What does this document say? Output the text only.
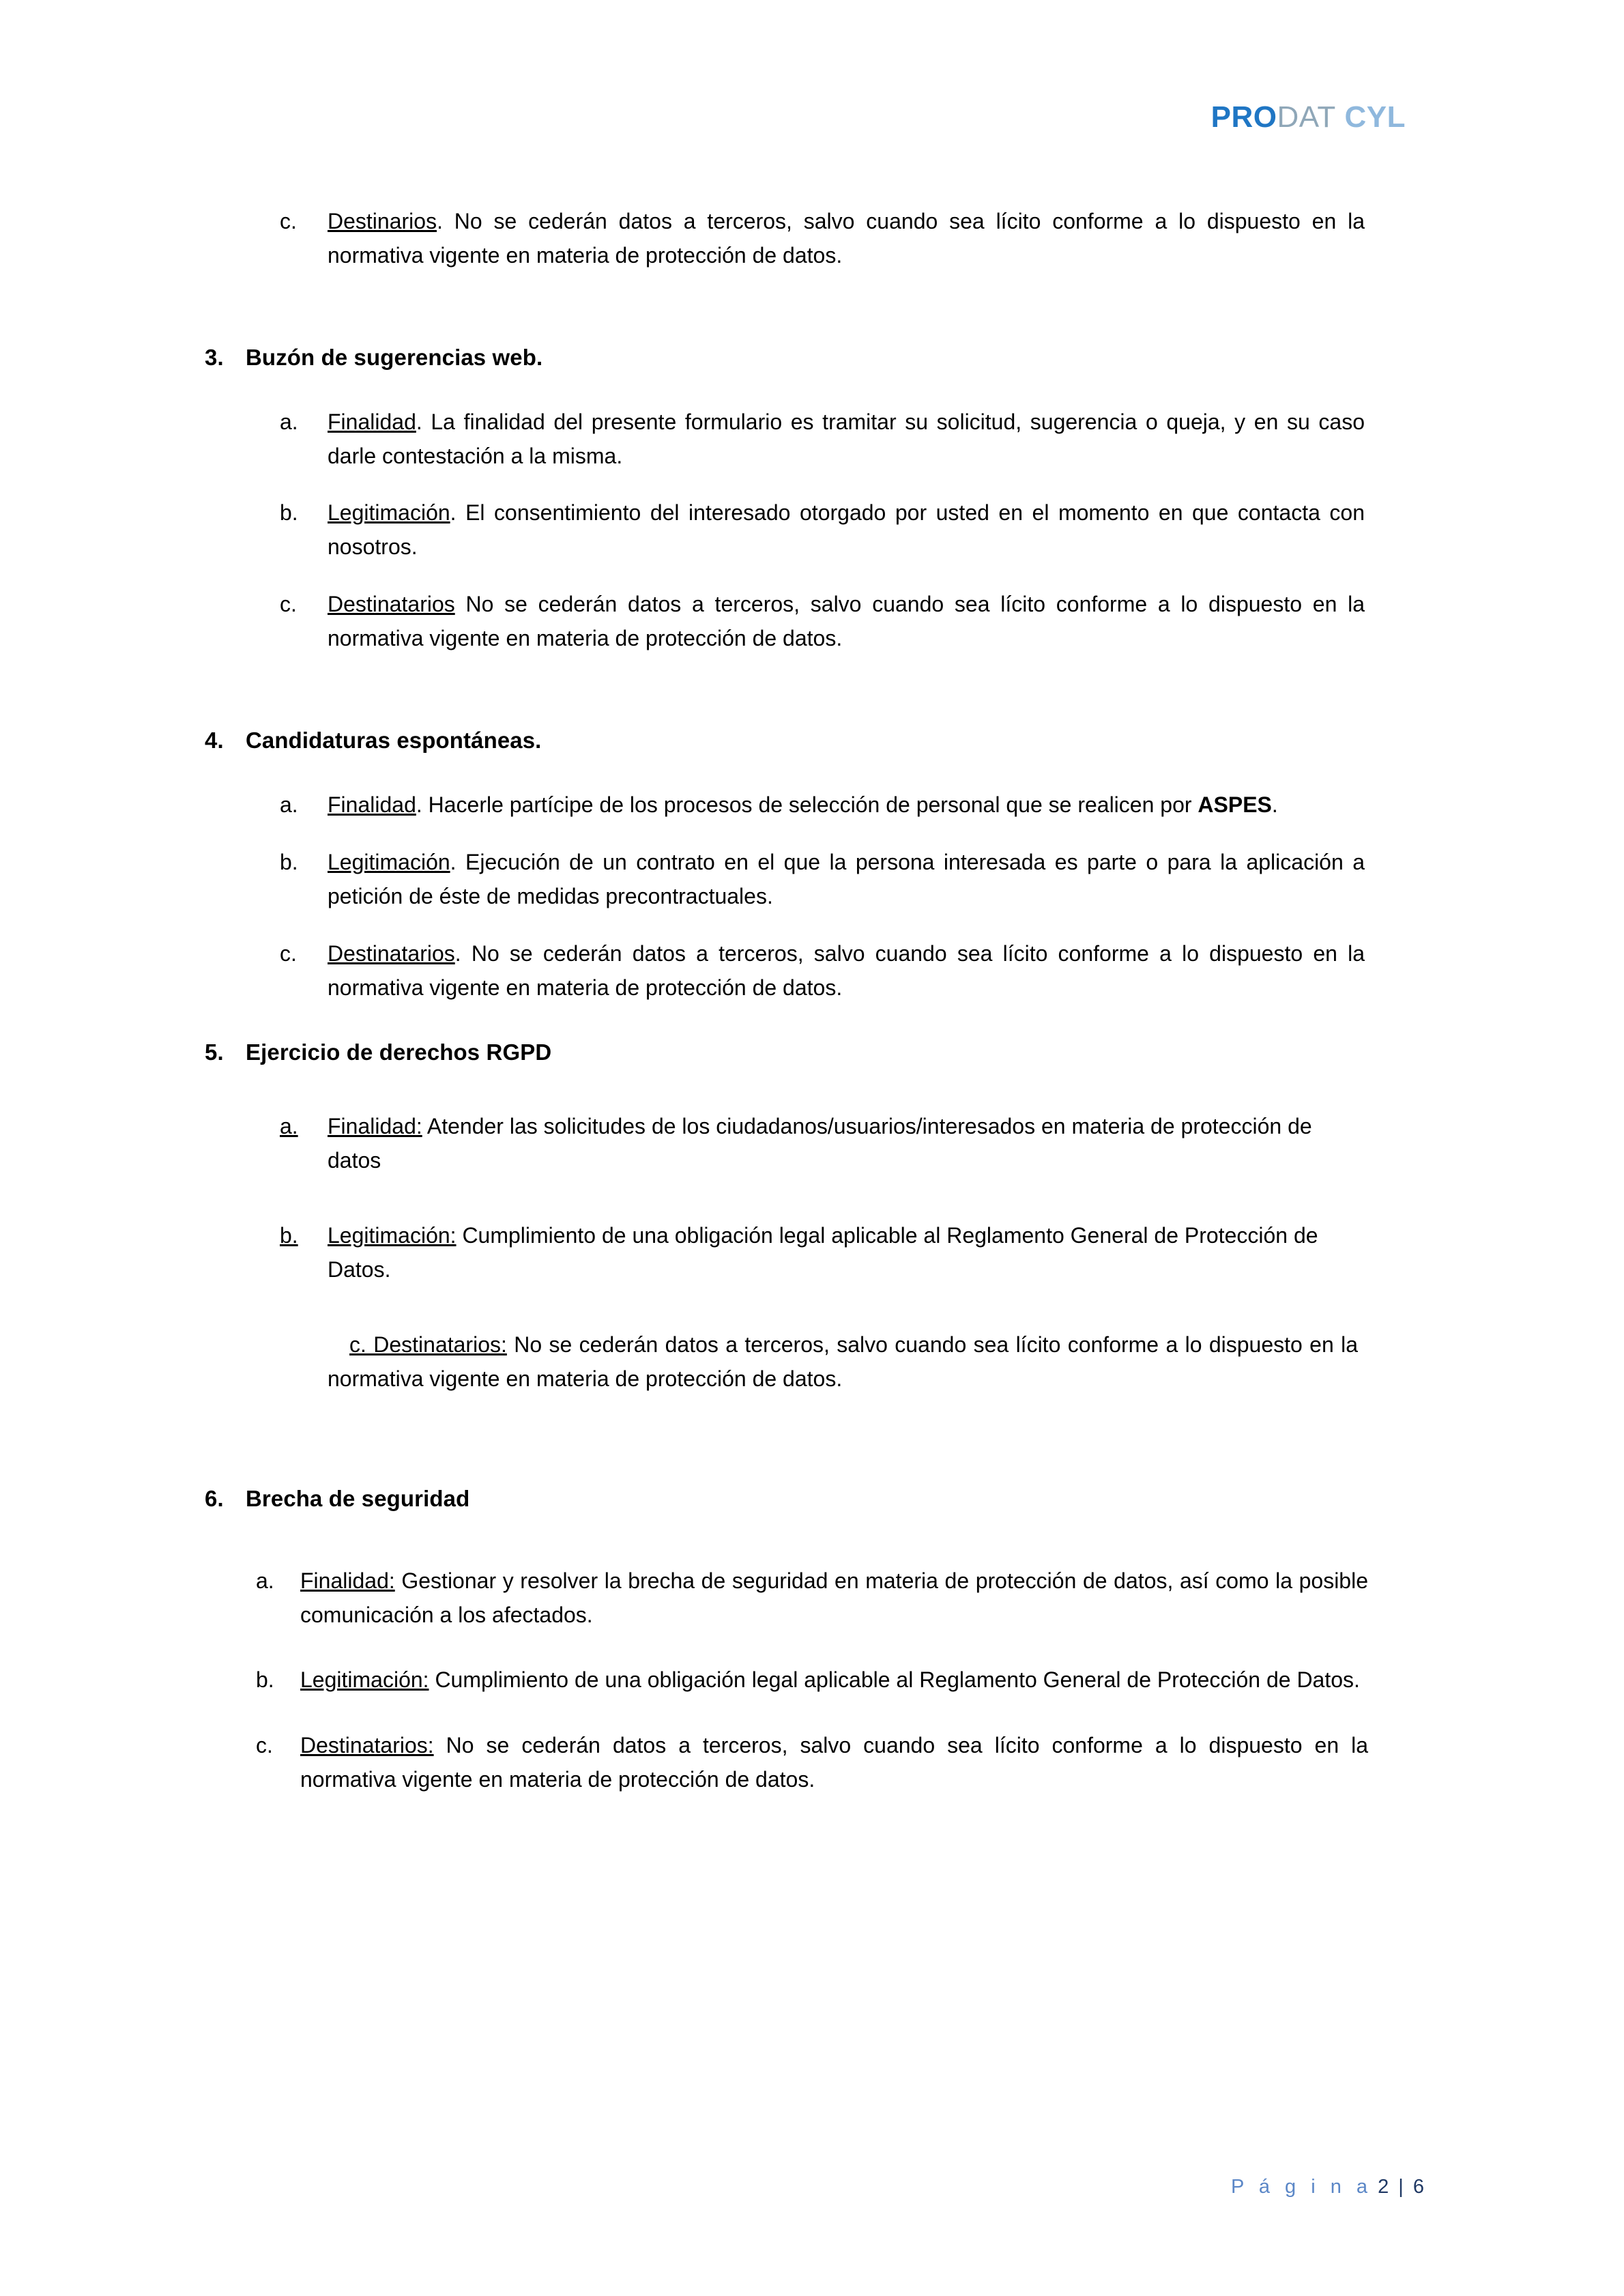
PRODAT CYL

c.	Destinarios. No se cederán datos a terceros, salvo cuando sea lícito conforme a lo dispuesto en la normativa vigente en materia de protección de datos.

3. Buzón de sugerencias web.

a.	Finalidad. La finalidad del presente formulario es tramitar su solicitud, sugerencia o queja, y en su caso darle contestación a la misma.

b.	Legitimación. El consentimiento del interesado otorgado por usted en el momento en que contacta con nosotros.

c.	Destinatarios No se cederán datos a terceros, salvo cuando sea lícito conforme a lo dispuesto en la normativa vigente en materia de protección de datos.

4. Candidaturas espontáneas.

a.	Finalidad. Hacerle partícipe de los procesos de selección de personal que se realicen por ASPES.

b.	Legitimación. Ejecución de un contrato en el que la persona interesada es parte o para la aplicación a petición de éste de medidas precontractuales.

c.	Destinatarios. No se cederán datos a terceros, salvo cuando sea lícito conforme a lo dispuesto en la normativa vigente en materia de protección de datos.

5. Ejercicio de derechos RGPD

a.	Finalidad: Atender las solicitudes de los ciudadanos/usuarios/interesados en materia de protección de datos

b.	Legitimación: Cumplimiento de una obligación legal aplicable al Reglamento General de Protección de Datos.

c. Destinatarios: No se cederán datos a terceros, salvo cuando sea lícito conforme a lo dispuesto en la normativa vigente en materia de protección de datos.

6. Brecha de seguridad

a.	Finalidad: Gestionar y resolver la brecha de seguridad en materia de protección de datos, así como la posible comunicación a los afectados.

b.	Legitimación: Cumplimiento de una obligación legal aplicable al Reglamento General de Protección de Datos.

c.	Destinatarios: No se cederán datos a terceros, salvo cuando sea lícito conforme a lo dispuesto en la normativa vigente en materia de protección de datos.

P á g i n a 2 | 6
